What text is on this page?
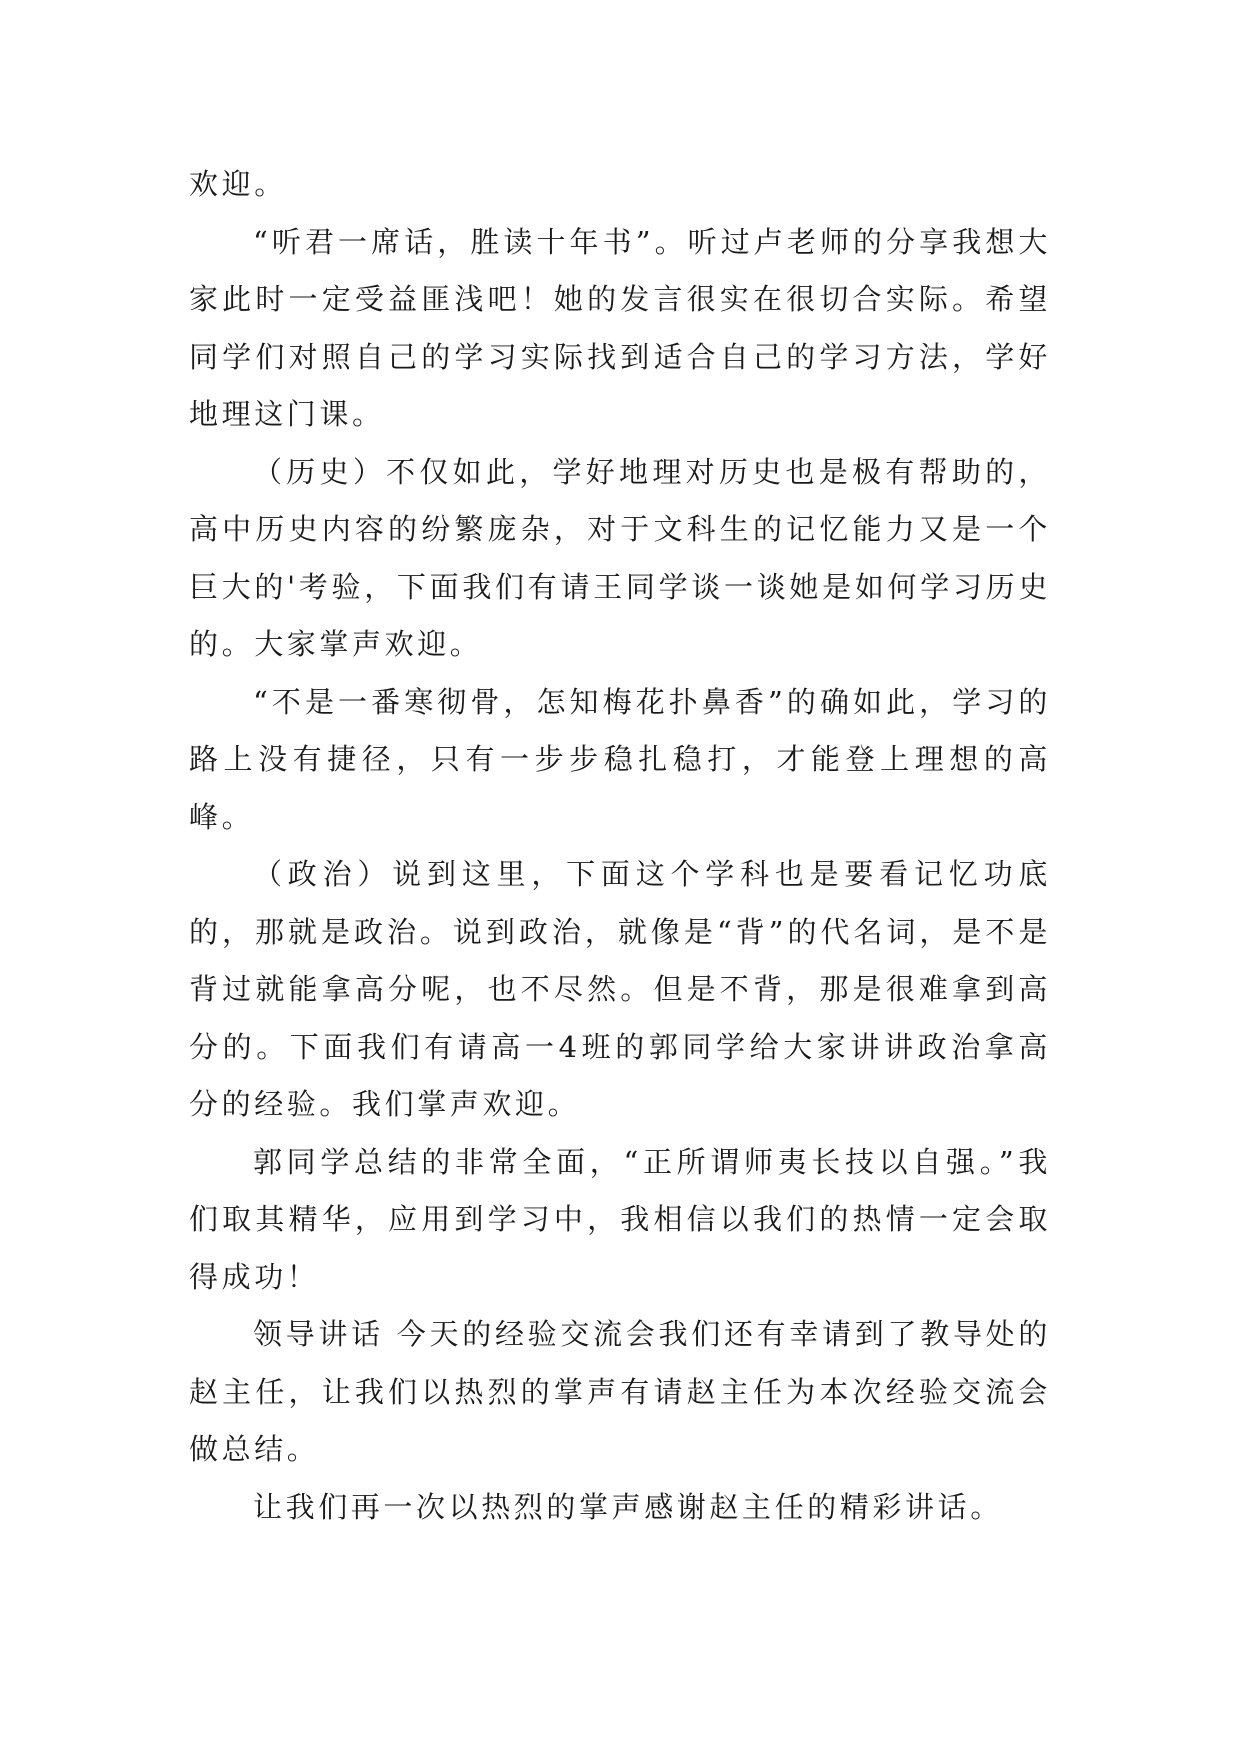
欢迎。

“听君一席话，胜读十年书”。听过卢老师的分享我想大家此时一定受益匪浅吧！她的发言很实在很切合实际。希望同学们对照自己的学习实际找到适合自己的学习方法，学好地理这门课。

（历史）不仅如此，学好地理对历史也是极有帮助的，高中历史内容的纷繁庞杂，对于文科生的记忆能力又是一个巨大的'考验，下面我们有请王同学谈一谈她是如何学习历史的。大家掌声欢迎。

“不是一番寒彻骨，怎知梅花扑鼻香”的确如此，学习的路上没有捷径，只有一步步稳扎稳打，才能登上理想的高峰。

（政治）说到这里，下面这个学科也是要看记忆功底的，那就是政治。说到政治，就像是“背”的代名词，是不是背过就能拿高分呢，也不尽然。但是不背，那是很难拿到高分的。下面我们有请高一4班的郭同学给大家讲讲政治拿高分的经验。我们掌声欢迎。

郭同学总结的非常全面，“正所谓师夷长技以自强。”我们取其精华，应用到学习中，我相信以我们的热情一定会取得成功！

领导讲话 今天的经验交流会我们还有幸请到了教导处的赵主任，让我们以热烈的掌声有请赵主任为本次经验交流会做总结。

让我们再一次以热烈的掌声感谢赵主任的精彩讲话。
